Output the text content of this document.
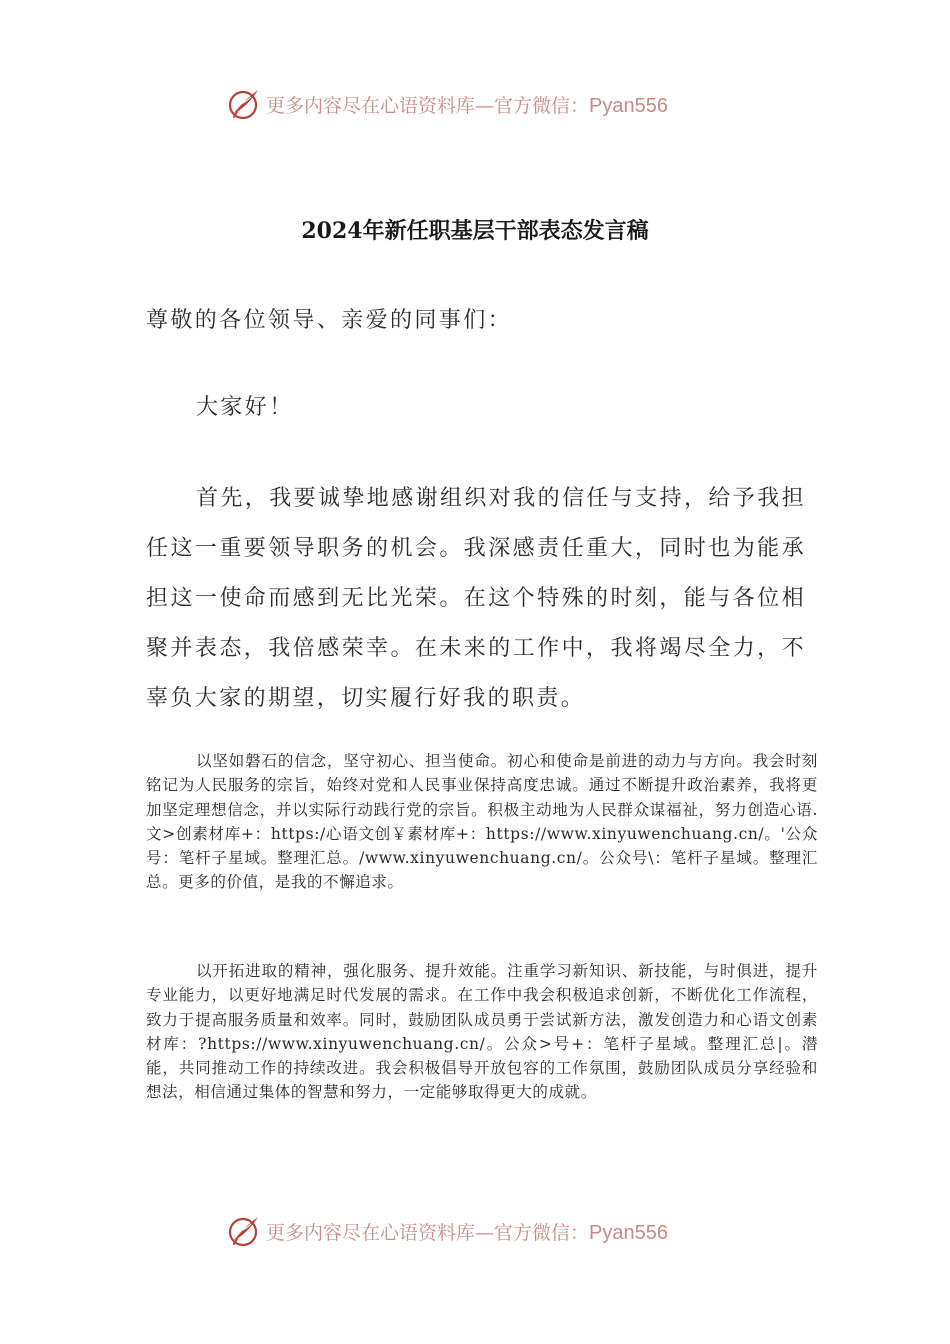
更多内容尽在心语资料库—官方微信：Pyan556
2024年新任职基层干部表态发言稿
尊敬的各位领导、亲爱的同事们：
大家好！
首先，我要诚挚地感谢组织对我的信任与支持，给予我担任这一重要领导职务的机会。我深感责任重大，同时也为能承担这一使命而感到无比光荣。在这个特殊的时刻，能与各位相聚并表态，我倍感荣幸。在未来的工作中，我将竭尽全力，不辜负大家的期望，切实履行好我的职责。
以坚如磐石的信念，坚守初心、担当使命。初心和使命是前进的动力与方向。我会时刻铭记为人民服务的宗旨，始终对党和人民事业保持高度忠诚。通过不断提升政治素养，我将更加坚定理想信念，并以实际行动践行党的宗旨。积极主动地为人民群众谋福祉，努力创造心语.文>创素材库+：https:/心语文创￥素材库+：https://www.xinyuwenchuang.cn/。'公众号：笔杆子星域。整理汇总。/www.xinyuwenchuang.cn/。公众号\：笔杆子星域。整理汇总。更多的价值，是我的不懈追求。
以开拓进取的精神，强化服务、提升效能。注重学习新知识、新技能，与时俱进，提升专业能力，以更好地满足时代发展的需求。在工作中我会积极追求创新，不断优化工作流程，致力于提高服务质量和效率。同时，鼓励团队成员勇于尝试新方法，激发创造力和心语文创素材库：?https://www.xinyuwenchuang.cn/。公众>号+：笔杆子星域。整理汇总|。潜能，共同推动工作的持续改进。我会积极倡导开放包容的工作氛围，鼓励团队成员分享经验和想法，相信通过集体的智慧和努力，一定能够取得更大的成就。
更多内容尽在心语资料库—官方微信：Pyan556
